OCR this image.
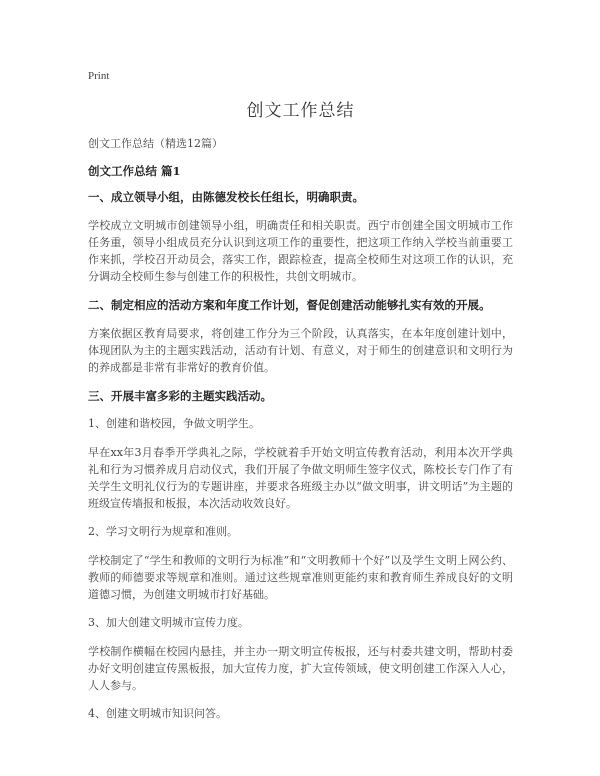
Print
创文工作总结
创文工作总结（精选12篇）
创文工作总结 篇1
一、成立领导小组，由陈德发校长任组长，明确职责。
学校成立文明城市创建领导小组，明确责任和相关职责。西宁市创建全国文明城市工作任务重，领导小组成员充分认识到这项工作的重要性，把这项工作纳入学校当前重要工作来抓，学校召开动员会，落实工作，跟踪检查，提高全校师生对这项工作的认识，充分调动全校师生参与创建工作的积极性，共创文明城市。
二、制定相应的活动方案和年度工作计划，督促创建活动能够扎实有效的开展。
方案依据区教育局要求，将创建工作分为三个阶段，认真落实，在本年度创建计划中，体现团队为主的主题实践活动，活动有计划、有意义，对于师生的创建意识和文明行为的养成都是非常有非常好的教育价值。
三、开展丰富多彩的主题实践活动。
1、创建和谐校园，争做文明学生。
早在xx年3月春季开学典礼之际，学校就着手开始文明宣传教育活动，利用本次开学典礼和行为习惯养成月启动仪式，我们开展了争做文明师生签字仪式，陈校长专门作了有关学生文明礼仪行为的专题讲座，并要求各班级主办以“做文明事，讲文明话”为主题的班级宣传墙报和板报，本次活动收效良好。
2、学习文明行为规章和准则。
学校制定了“学生和教师的文明行为标准”和“文明教师十个好”以及学生文明上网公约、教师的师德要求等规章和准则。通过这些规章准则更能约束和教育师生养成良好的文明道德习惯，为创建文明城市打好基础。
3、加大创建文明城市宣传力度。
学校制作横幅在校园内悬挂，并主办一期文明宣传板报，还与村委共建文明，帮助村委办好文明创建宣传黑板报，加大宣传力度，扩大宣传领域，使文明创建工作深入人心，人人参与。
4、创建文明城市知识问答。
